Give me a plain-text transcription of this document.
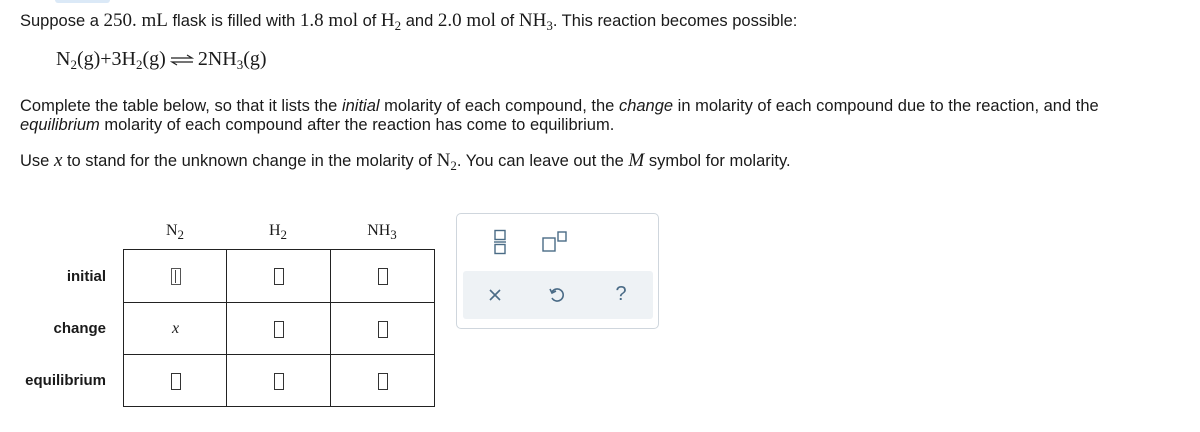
Suppose a 250. mL flask is filled with 1.8 mol of $H_2$ and 2.0 mol of $NH_3$. This reaction becomes possible:
$N_2(g)+3H_2(g)$ ⇌ $2NH_3(g)$
Complete the table below, so that it lists the initial molarity of each compound, the change in molarity of each compound due to the reaction, and the
equilibrium molarity of each compound after the reaction has come to equilibrium.
Use x to stand for the unknown change in the molarity of $N_2$. You can leave out the M symbol for molarity.
$N_2$	$H_2$	$NH_3$
initial
change
equilibrium
x
?
